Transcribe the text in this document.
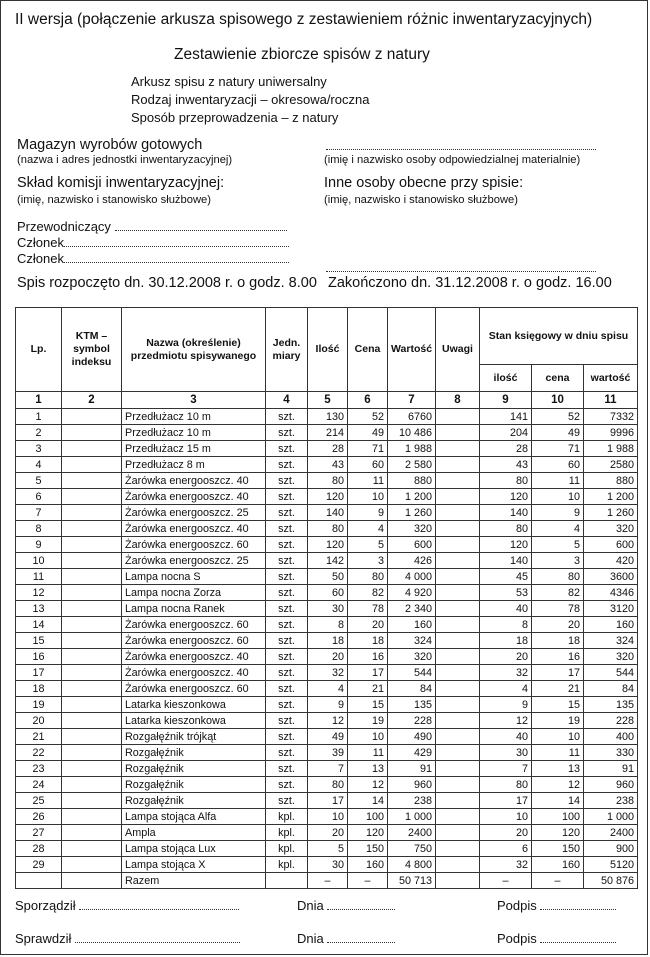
II wersja (połączenie arkusza spisowego z zestawieniem różnic inwentaryzacyjnych)
Zestawienie zbiorcze spisów z natury
Arkusz spisu z natury uniwersalny
Rodzaj inwentaryzacji – okresowa/roczna
Sposób przeprowadzenia – z natury
Magazyn wyrobów gotowych
(nazwa i adres jednostki inwentaryzacyjnej)	(imię i nazwisko osoby odpowiedzialnej materialnie)
Skład komisji inwentaryzacyjnej:
(imię, nazwisko i stanowisko służbowe)
Inne osoby obecne przy spisie:
(imię, nazwisko i stanowisko służbowe)
Przewodniczący
Członek
Członek
Spis rozpoczęto dn. 30.12.2008 r. o godz. 8.00 Zakończono dn. 31.12.2008 r. o godz. 16.00
Lp.	KTM – symbol indeksu	Nazwa (określenie) przedmiotu spisywanego	Jedn. miary	Ilość	Cena	Wartość	Uwagi	Stan księgowy w dniu spisu		
								ilość	cena	wartość
1	2	3	4	5	6	7	8	9	10	11
1		Przedłużacz 10 m	szt.	130	52	6760		141	52	7332
2		Przedłużacz 10 m	szt.	214	49	10 486		204	49	9996
3		Przedłużacz 15 m	szt.	28	71	1 988		28	71	1 988
4		Przedłużacz 8 m	szt.	43	60	2 580		43	60	2580
5		Żarówka energooszcz. 40	szt.	80	11	880		80	11	880
6		Żarówka energooszcz. 40	szt.	120	10	1 200		120	10	1 200
7		Żarówka energooszcz. 25	szt.	140	9	1 260		140	9	1 260
8		Żarówka energooszcz. 40	szt.	80	4	320		80	4	320
9		Żarówka energooszcz. 60	szt.	120	5	600		120	5	600
10		Żarówka energooszcz. 25	szt.	142	3	426		140	3	420
11		Lampa nocna S	szt.	50	80	4 000		45	80	3600
12		Lampa nocna Zorza	szt.	60	82	4 920		53	82	4346
13		Lampa nocna Ranek	szt.	30	78	2 340		40	78	3120
14		Żarówka energooszcz. 60	szt.	8	20	160		8	20	160
15		Żarówka energooszcz. 60	szt.	18	18	324		18	18	324
16		Żarówka energooszcz. 40	szt.	20	16	320		20	16	320
17		Żarówka energooszcz. 40	szt.	32	17	544		32	17	544
18		Żarówka energooszcz. 60	szt.	4	21	84		4	21	84
19		Latarka kieszonkowa	szt.	9	15	135		9	15	135
20		Latarka kieszonkowa	szt.	12	19	228		12	19	228
21		Rozgałęźnik trójkąt	szt.	49	10	490		40	10	400
22		Rozgałęźnik	szt.	39	11	429		30	11	330
23		Rozgałęźnik	szt.	7	13	91		7	13	91
24		Rozgałęźnik	szt.	80	12	960		80	12	960
25		Rozgałęźnik	szt.	17	14	238		17	14	238
26		Lampa stojąca Alfa	kpl.	10	100	1 000		10	100	1 000
27		Ampla	kpl.	20	120	2400		20	120	2400
28		Lampa stojąca Lux	kpl.	5	150	750		6	150	900
29		Lampa stojąca X	kpl.	30	160	4 800		32	160	5120
		Razem		–	–	50 713		–	–	50 876
Sporządził	Dnia	Podpis
Sprawdził	Dnia	Podpis
